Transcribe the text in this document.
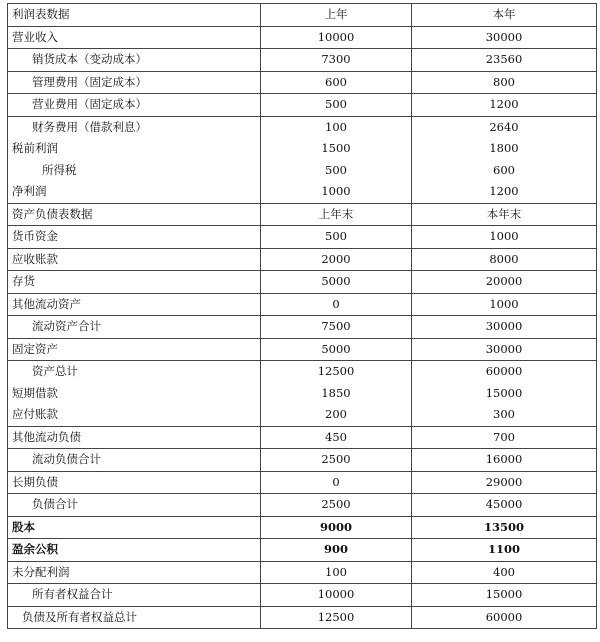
利润表数据	上年	本年
营业收入	10000	30000
销货成本（变动成本）	7300	23560
管理费用（固定成本）	600	800
营业费用（固定成本）	500	1200
财务费用（借款利息）	100	2640
税前利润	1500	1800
所得税	500	600
净利润	1000	1200
资产负债表数据	上年末	本年末
货币资金	500	1000
应收账款	2000	8000
存货	5000	20000
其他流动资产	0	1000
流动资产合计	7500	30000
固定资产	5000	30000
资产总计	12500	60000
短期借款	1850	15000
应付账款	200	300
其他流动负债	450	700
流动负债合计	2500	16000
长期负债	0	29000
负债合计	2500	45000
股本	9000	13500
盈余公积	900	1100
未分配利润	100	400
所有者权益合计	10000	15000
负债及所有者权益总计	12500	60000
